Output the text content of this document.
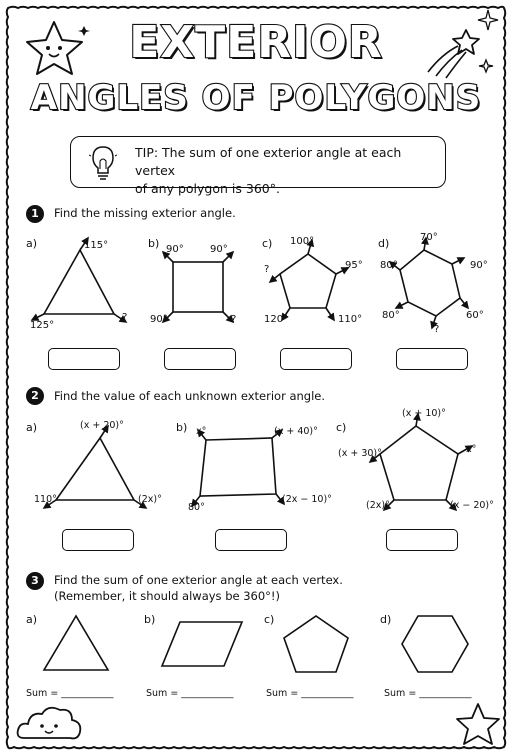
EXTERIOR
ANGLES OF POLYGONS
TIP: The sum of one exterior angle at each vertex
of any polygon is 360°.
1	Find the missing exterior angle.
a)	b)	c)	d)
115°
125°
?
90°	90°
90°	?
100°
95°
110°
120°
?
70°
90°
60°
?
80°
80°
2	Find the value of each unknown exterior angle.
a)	b)	c)
(x + 20)°
110°	(2x)°
x°	(x + 40)°
80°
(2x − 10)°
(x + 10)°
x°
(x + 30)°
(2x)°	(x − 20)°
3	Find the sum of one exterior angle at each vertex.
(Remember, it should always be 360°!)
a)	b)	c)	d)
Sum = ___________	Sum = ___________	Sum = ___________	Sum = ___________
